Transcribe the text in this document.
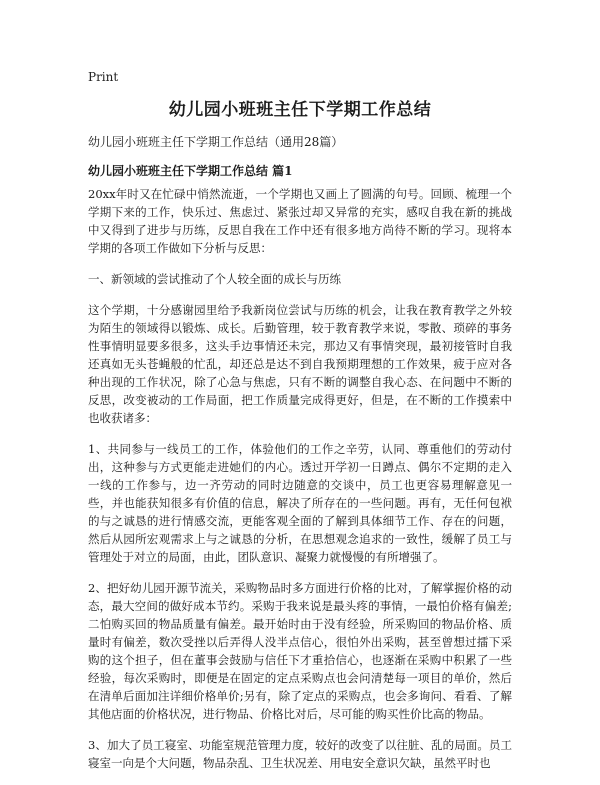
Print
幼儿园小班班主任下学期工作总结
幼儿园小班班主任下学期工作总结（通用28篇）
幼儿园小班班主任下学期工作总结 篇1

20xx年时又在忙碌中悄然流逝，一个学期也又画上了圆满的句号。回顾、梳理一个学期下来的工作，快乐过、焦虑过、紧张过却又异常的充实，感叹自我在新的挑战中又得到了进步与历练，反思自我在工作中还有很多地方尚待不断的学习。现将本学期的各项工作做如下分析与反思：

一、新领域的尝试推动了个人较全面的成长与历练

这个学期，十分感谢园里给予我新岗位尝试与历练的机会，让我在教育教学之外较为陌生的领域得以锻炼、成长。后勤管理，较于教育教学来说，零散、琐碎的事务性事情明显要多很多，这头手边事情还未完，那边又有事情突现，最初接管时自我还真如无头苍蝇般的忙乱，却还总是达不到自我预期理想的工作效果，疲于应对各种出现的工作状况，除了心急与焦虑，只有不断的调整自我心态、在问题中不断的反思，改变被动的工作局面，把工作质量完成得更好，但是，在不断的工作摸索中也收获诸多：

1、共同参与一线员工的工作，体验他们的工作之辛劳，认同、尊重他们的劳动付出，这种参与方式更能走进她们的内心。透过开学初一日蹲点、偶尔不定期的走入一线的工作参与，边一齐劳动的同时边随意的交谈中，员工也更容易理解意见一些，并也能获知很多有价值的信息，解决了所存在的一些问题。再有，无任何包袱的与之诚恳的进行情感交流，更能客观全面的了解到具体细节工作、存在的问题，然后从园所宏观需求上与之诚恳的分析，在思想观念追求的一致性，缓解了员工与管理处于对立的局面，由此，团队意识、凝聚力就慢慢的有所增强了。

2、把好幼儿园开源节流关，采购物品时多方面进行价格的比对，了解掌握价格的动态，最大空间的做好成本节约。采购于我来说是最头疼的事情，一最怕价格有偏差;二怕购买回的物品质量有偏差。最开始时由于没有经验，所采购回的物品价格、质量时有偏差，数次受挫以后弄得人没半点信心，很怕外出采购，甚至曾想过擂下采购的这个担子，但在董事会鼓励与信任下才重拾信心，也逐渐在采购中积累了一些经验，每次采购时，即便是在固定的定点采购点也会问清楚每一项目的单价，然后在清单后面加注详细价格单价;另有，除了定点的采购点，也会多询问、看看、了解其他店面的价格状况，进行物品、价格比对后，尽可能的购买性价比高的物品。

3、加大了员工寝室、功能室规范管理力度，较好的改变了以往脏、乱的局面。员工寝室一向是个大问题，物品杂乱、卫生状况差、用电安全意识欠缺，虽然平时也
